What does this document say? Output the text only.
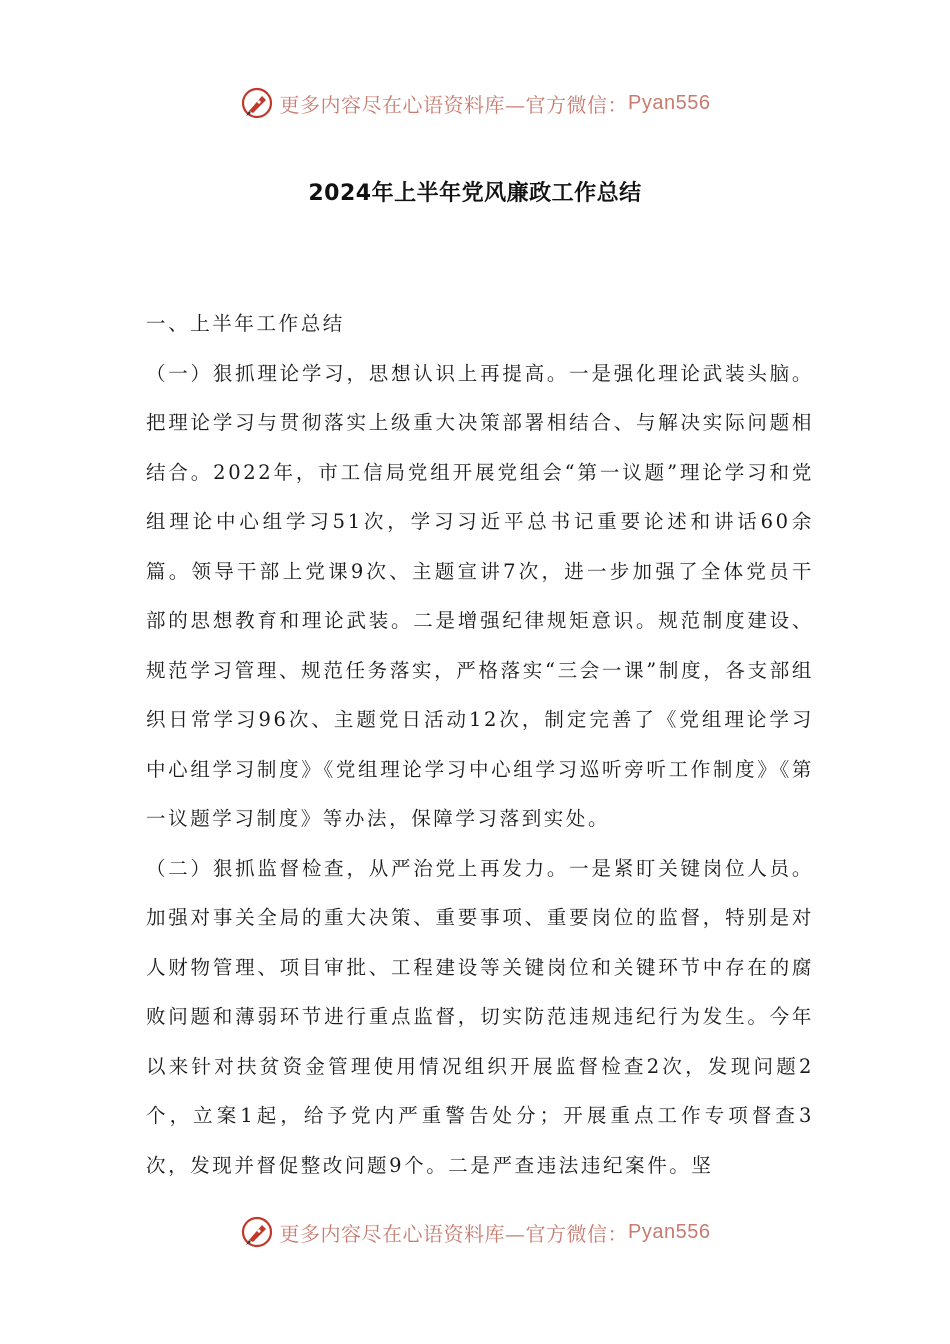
更多内容尽在心语资料库— 官方微信： Pyan556
2024年上半年党风廉政工作总结

一、上半年工作总结

（一）狠抓理论学习，思想认识上再提高。一是强化理论武装头脑。把理论学习与贯彻落实上级重大决策部署相结合、与解决实际问题相结合。2022年，市工信局党组开展党组会“第一议题”理论学习和党组理论中心组学习51次，学习习近平总书记重要论述和讲话60余篇。领导干部上党课9次、主题宣讲7次，进一步加强了全体党员干部的思想教育和理论武装。二是增强纪律规矩意识。规范制度建设、规范学习管理、规范任务落实，严格落实“三会一课”制度，各支部组织日常学习96次、主题党日活动12次，制定完善了《党组理论学习中心组学习制度》《党组理论学习中心组学习巡听旁听工作制度》《第一议题学习制度》等办法，保障学习落到实处。

（二）狠抓监督检查，从严治党上再发力。一是紧盯关键岗位人员。加强对事关全局的重大决策、重要事项、重要岗位的监督，特别是对人财物管理、项目审批、工程建设等关键岗位和关键环节中存在的腐败问题和薄弱环节进行重点监督，切实防范违规违纪行为发生。今年以来针对扶贫资金管理使用情况组织开展监督检查2次，发现问题2个，立案1起，给予党内严重警告处分；开展重点工作专项督查3次，发现并督促整改问题9个。二是严查违法违纪案件。坚

更多内容尽在心语资料库— 官方微信： Pyan556
